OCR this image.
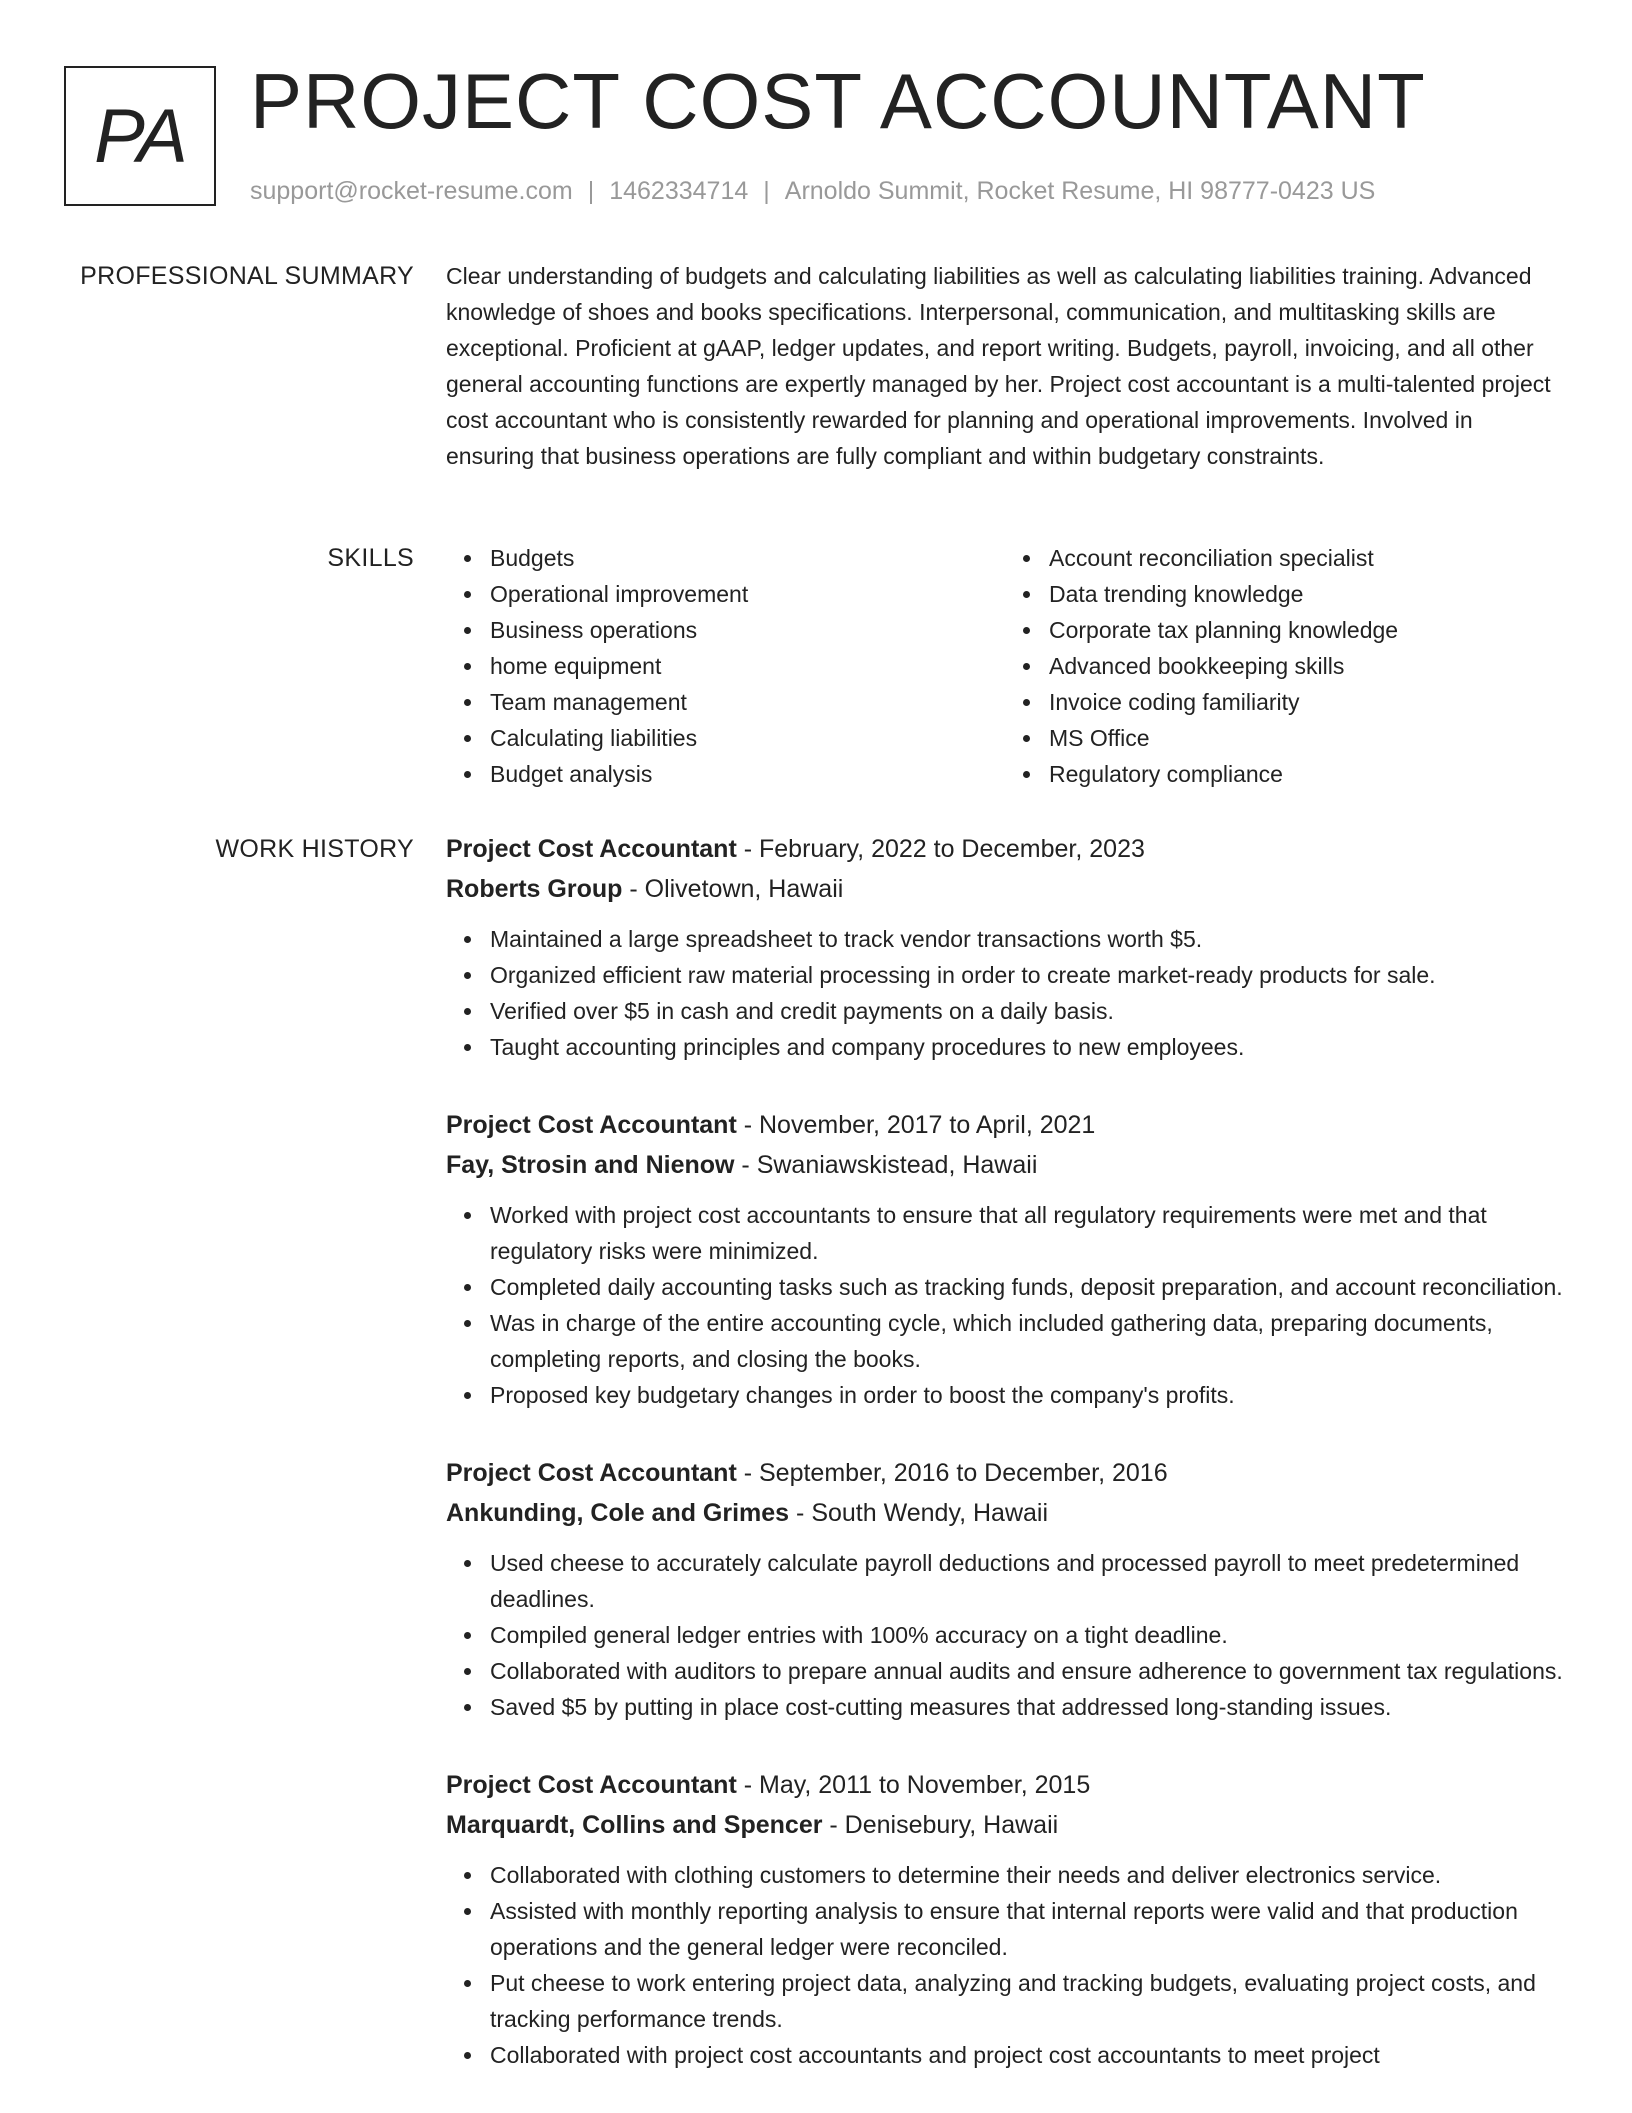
PA PROJECT COST ACCOUNTANT
support@rocket-resume.com | 1462334714 | Arnoldo Summit, Rocket Resume, HI 98777-0423 US
PROFESSIONAL SUMMARY Clear understanding of budgets and calculating liabilities as well as calculating liabilities training. Advanced knowledge of shoes and books specifications. Interpersonal, communication, and multitasking skills are exceptional. Proficient at gAAP, ledger updates, and report writing. Budgets, payroll, invoicing, and all other general accounting functions are expertly managed by her. Project cost accountant is a multi-talented project cost accountant who is consistently rewarded for planning and operational improvements. Involved in ensuring that business operations are fully compliant and within budgetary constraints.

SKILLS	Budgets
Operational improvement
Business operations
home equipment
Team management
Calculating liabilities
Budget analysis
Account reconciliation specialist
Data trending knowledge
Corporate tax planning knowledge
Advanced bookkeeping skills
Invoice coding familiarity
MS Office
Regulatory compliance
WORK HISTORY Project Cost Accountant - February, 2022 to December, 2023
Roberts Group - Olivetown, Hawaii
Maintained a large spreadsheet to track vendor transactions worth $5.
Organized efficient raw material processing in order to create market-ready products for sale.
Verified over $5 in cash and credit payments on a daily basis.
Taught accounting principles and company procedures to new employees.
Project Cost Accountant - November, 2017 to April, 2021
Fay, Strosin and Nienow - Swaniawskistead, Hawaii
Worked with project cost accountants to ensure that all regulatory requirements were met and that regulatory risks were minimized.
Completed daily accounting tasks such as tracking funds, deposit preparation, and account reconciliation.
Was in charge of the entire accounting cycle, which included gathering data, preparing documents, completing reports, and closing the books.
Proposed key budgetary changes in order to boost the company's profits.
Project Cost Accountant - September, 2016 to December, 2016
Ankunding, Cole and Grimes - South Wendy, Hawaii
Used cheese to accurately calculate payroll deductions and processed payroll to meet predetermined deadlines.
Compiled general ledger entries with 100% accuracy on a tight deadline.
Collaborated with auditors to prepare annual audits and ensure adherence to government tax regulations.
Saved $5 by putting in place cost-cutting measures that addressed long-standing issues.
Project Cost Accountant - May, 2011 to November, 2015
Marquardt, Collins and Spencer - Denisebury, Hawaii
Collaborated with clothing customers to determine their needs and deliver electronics service.
Assisted with monthly reporting analysis to ensure that internal reports were valid and that production operations and the general ledger were reconciled.
Put cheese to work entering project data, analyzing and tracking budgets, evaluating project costs, and tracking performance trends.
Collaborated with project cost accountants and project cost accountants to meet project
